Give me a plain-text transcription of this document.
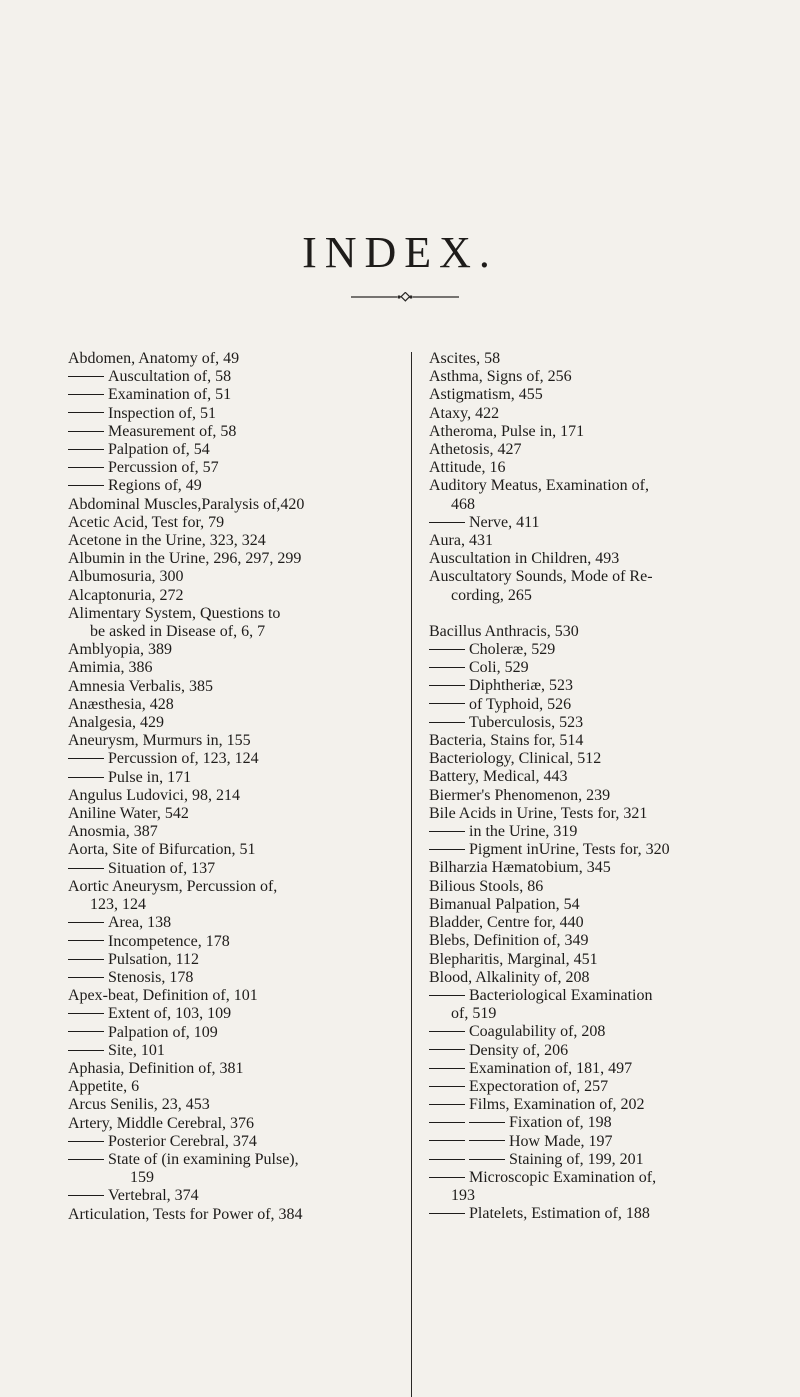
INDEX.
Abdomen, Anatomy of, 49
Auscultation of, 58
Examination of, 51
Inspection of, 51
Measurement of, 58
Palpation of, 54
Percussion of, 57
Regions of, 49
Abdominal Muscles,Paralysis of,420
Acetic Acid, Test for, 79
Acetone in the Urine, 323, 324
Albumin in the Urine, 296, 297, 299
Albumosuria, 300
Alcaptonuria, 272
Alimentary System, Questions to
be asked in Disease of, 6, 7
Amblyopia, 389
Amimia, 386
Amnesia Verbalis, 385
Anæsthesia, 428
Analgesia, 429
Aneurysm, Murmurs in, 155
Percussion of, 123, 124
Pulse in, 171
Angulus Ludovici, 98, 214
Aniline Water, 542
Anosmia, 387
Aorta, Site of Bifurcation, 51
Situation of, 137
Aortic Aneurysm, Percussion of,
123, 124
Area, 138
Incompetence, 178
Pulsation, 112
Stenosis, 178
Apex-beat, Definition of, 101
Extent of, 103, 109
Palpation of, 109
Site, 101
Aphasia, Definition of, 381
Appetite, 6
Arcus Senilis, 23, 453
Artery, Middle Cerebral, 376
Posterior Cerebral, 374
State of (in examining Pulse),
159
Vertebral, 374
Articulation, Tests for Power of, 384
Ascites, 58
Asthma, Signs of, 256
Astigmatism, 455
Ataxy, 422
Atheroma, Pulse in, 171
Athetosis, 427
Attitude, 16
Auditory Meatus, Examination of,
468
Nerve, 411
Aura, 431
Auscultation in Children, 493
Auscultatory Sounds, Mode of Re-
cording, 265
Bacillus Anthracis, 530
Choleræ, 529
Coli, 529
Diphtheriæ, 523
of Typhoid, 526
Tuberculosis, 523
Bacteria, Stains for, 514
Bacteriology, Clinical, 512
Battery, Medical, 443
Biermer's Phenomenon, 239
Bile Acids in Urine, Tests for, 321
in the Urine, 319
Pigment inUrine, Tests for, 320
Bilharzia Hæmatobium, 345
Bilious Stools, 86
Bimanual Palpation, 54
Bladder, Centre for, 440
Blebs, Definition of, 349
Blepharitis, Marginal, 451
Blood, Alkalinity of, 208
Bacteriological Examination
of, 519
Coagulability of, 208
Density of, 206
Examination of, 181, 497
Expectoration of, 257
Films, Examination of, 202
Fixation of, 198
How Made, 197
Staining of, 199, 201
Microscopic Examination of,
193
Platelets, Estimation of, 188
